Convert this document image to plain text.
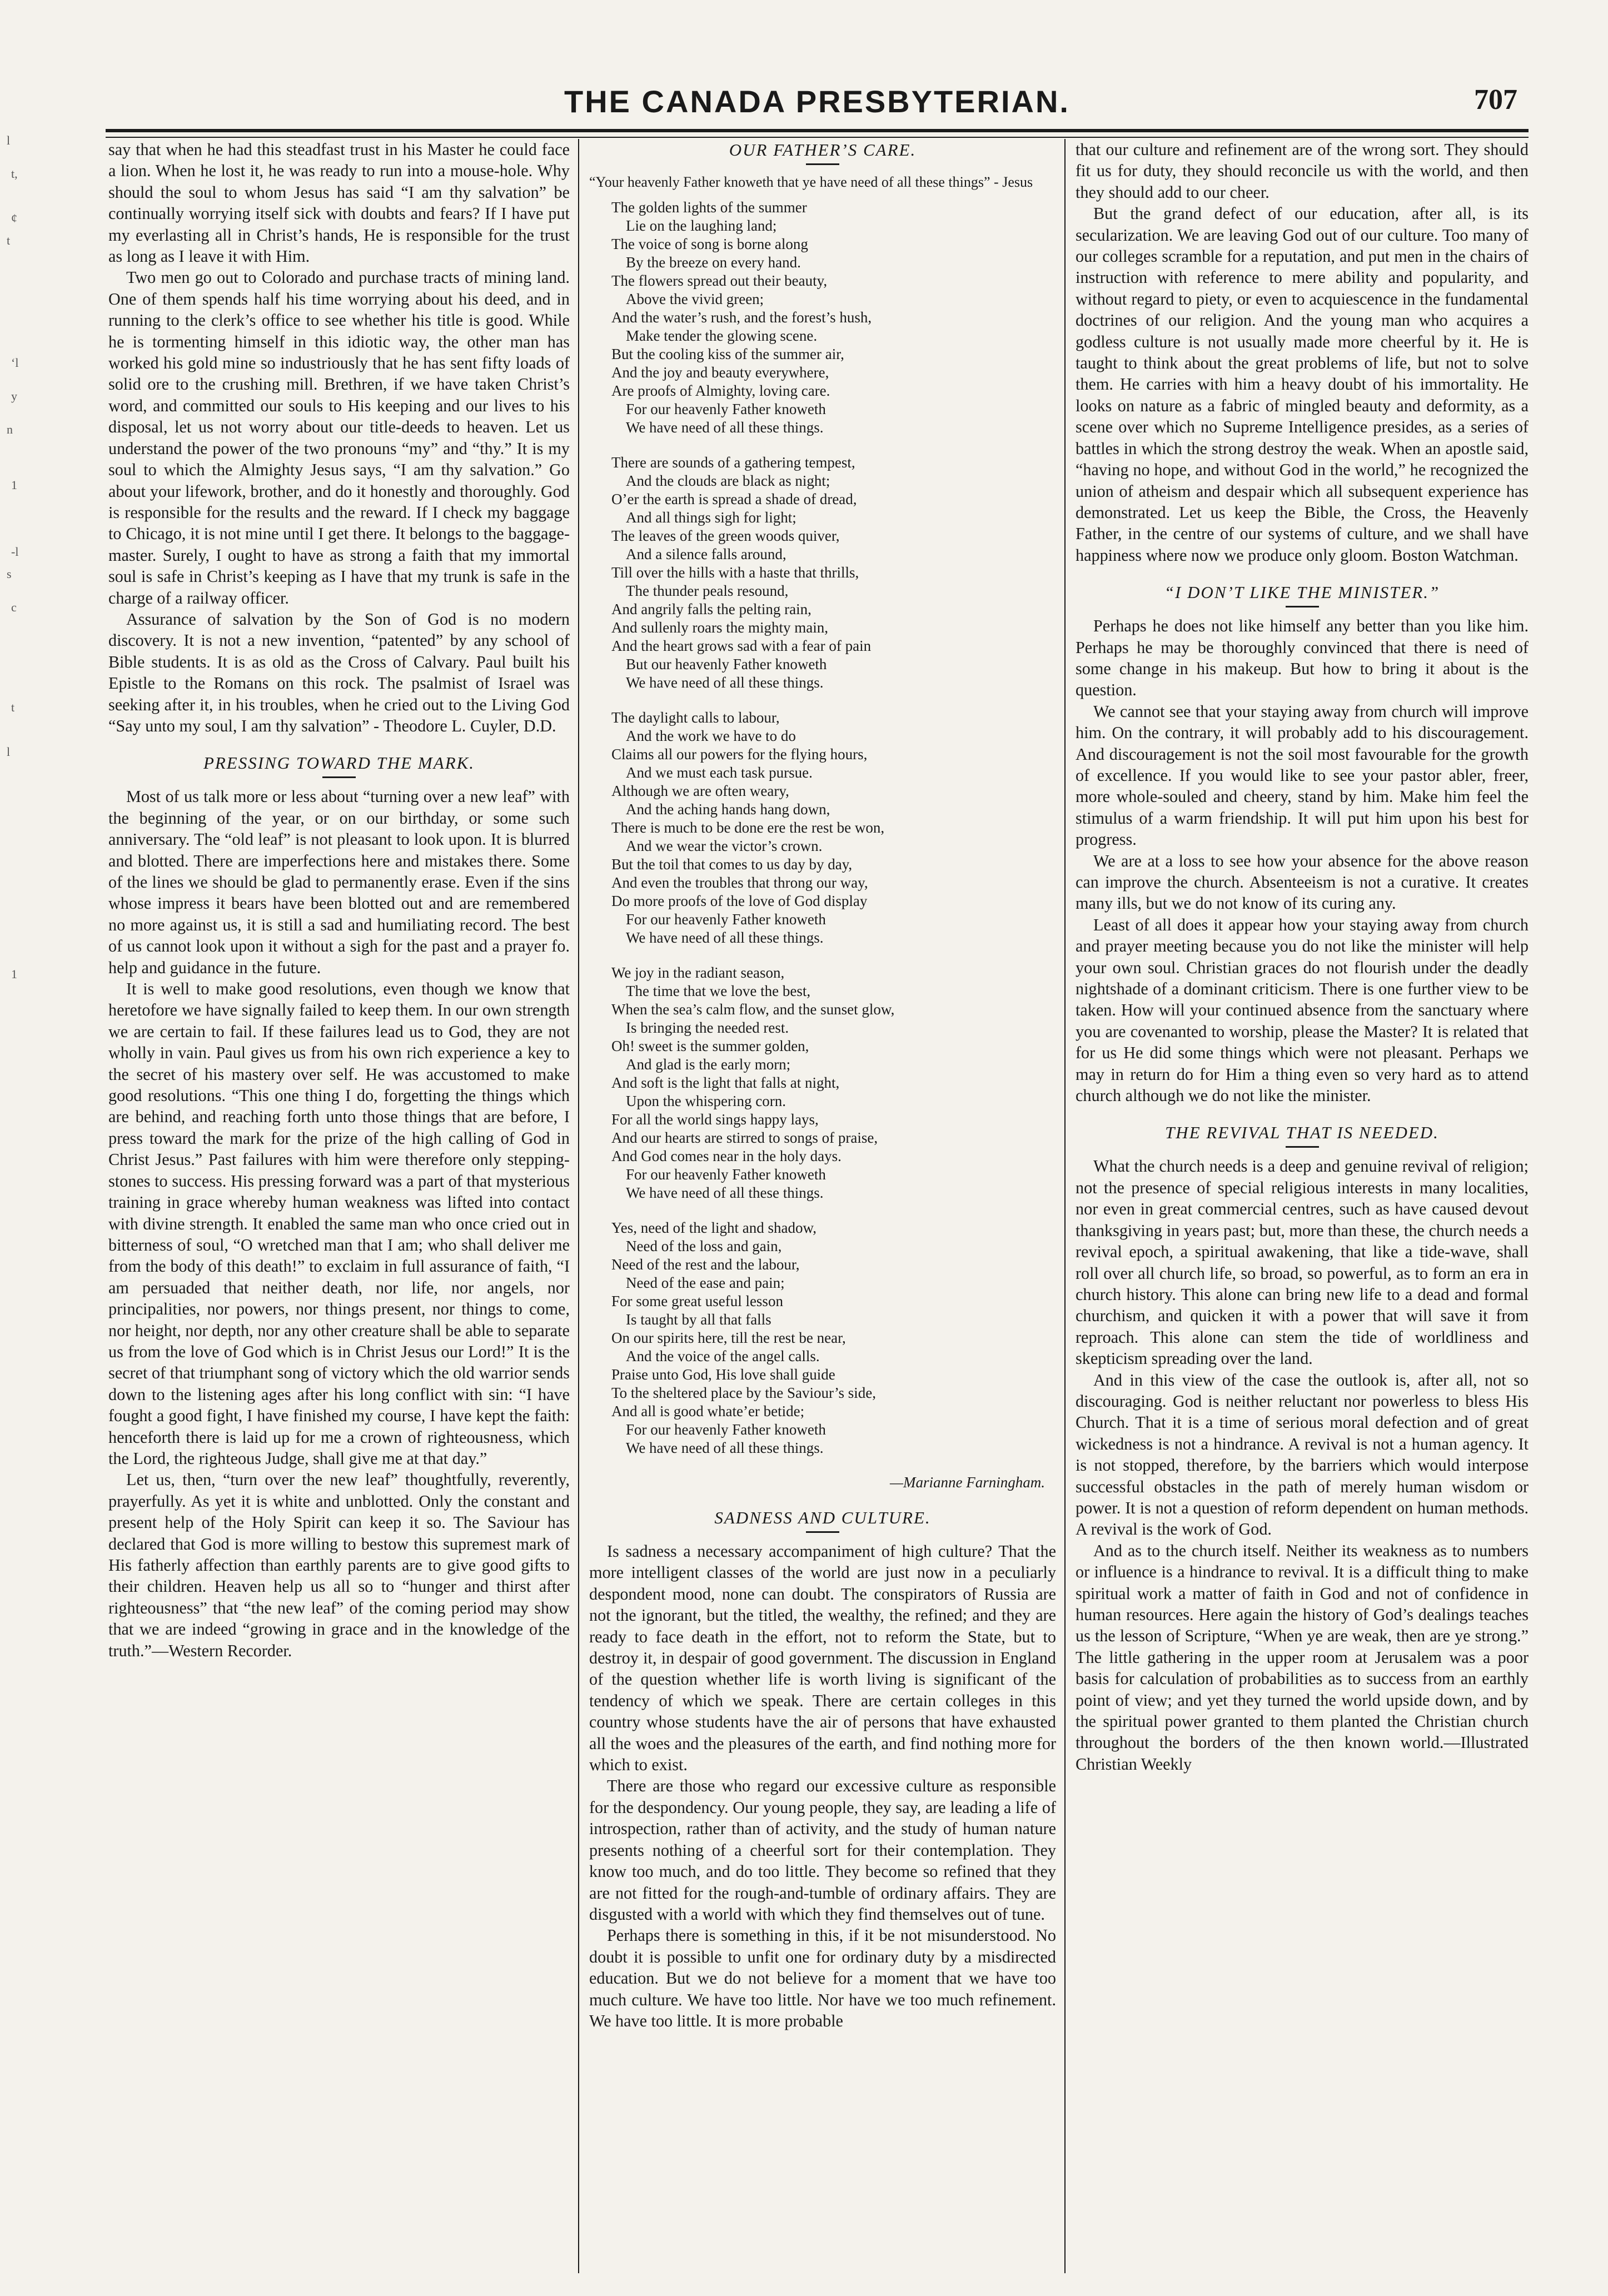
THE CANADA PRESBYTERIAN.	707
l
t,
¢
t
‘l
y
n
1
-l
s
c
t
l
1

say that when he had this steadfast trust in his Master he could face a lion. When he lost it, he was ready to run into a mouse-hole. Why should the soul to whom Jesus has said “I am thy salvation” be continually worrying itself sick with doubts and fears? If I have put my everlasting all in Christ’s hands, He is responsible for the trust as long as I leave it with Him.

Two men go out to Colorado and purchase tracts of mining land. One of them spends half his time worrying about his deed, and in running to the clerk’s office to see whether his title is good. While he is tormenting himself in this idiotic way, the other man has worked his gold mine so industriously that he has sent fifty loads of solid ore to the crushing mill. Brethren, if we have taken Christ’s word, and committed our souls to His keeping and our lives to his disposal, let us not worry about our title-deeds to heaven. Let us understand the power of the two pronouns “my” and “thy.” It is my soul to which the Almighty Jesus says, “I am thy salvation.” Go about your lifework, brother, and do it honestly and thoroughly. God is responsible for the results and the reward. If I check my baggage to Chicago, it is not mine until I get there. It belongs to the baggage-master. Surely, I ought to have as strong a faith that my immortal soul is safe in Christ’s keeping as I have that my trunk is safe in the charge of a railway officer.

Assurance of salvation by the Son of God is no modern discovery. It is not a new invention, “patented” by any school of Bible students. It is as old as the Cross of Calvary. Paul built his Epistle to the Romans on this rock. The psalmist of Israel was seeking after it, in his troubles, when he cried out to the Living God “Say unto my soul, I am thy salvation” - Theodore L. Cuyler, D.D.

PRESSING TOWARD THE MARK.

Most of us talk more or less about “turning over a new leaf” with the beginning of the year, or on our birthday, or some such anniversary. The “old leaf” is not pleasant to look upon. It is blurred and blotted. There are imperfections here and mistakes there. Some of the lines we should be glad to permanently erase. Even if the sins whose impress it bears have been blotted out and are remembered no more against us, it is still a sad and humiliating record. The best of us cannot look upon it without a sigh for the past and a prayer fo. help and guidance in the future.

It is well to make good resolutions, even though we know that heretofore we have signally failed to keep them. In our own strength we are certain to fail. If these failures lead us to God, they are not wholly in vain. Paul gives us from his own rich experience a key to the secret of his mastery over self. He was accustomed to make good resolutions. “This one thing I do, forgetting the things which are behind, and reaching forth unto those things that are before, I press toward the mark for the prize of the high calling of God in Christ Jesus.” Past failures with him were therefore only stepping-stones to success. His pressing forward was a part of that mysterious training in grace whereby human weakness was lifted into contact with divine strength. It enabled the same man who once cried out in bitterness of soul, “O wretched man that I am; who shall deliver me from the body of this death!” to exclaim in full assurance of faith, “I am persuaded that neither death, nor life, nor angels, nor principalities, nor powers, nor things present, nor things to come, nor height, nor depth, nor any other creature shall be able to separate us from the love of God which is in Christ Jesus our Lord!” It is the secret of that triumphant song of victory which the old warrior sends down to the listening ages after his long conflict with sin: “I have fought a good fight, I have finished my course, I have kept the faith: henceforth there is laid up for me a crown of righteousness, which the Lord, the righteous Judge, shall give me at that day.”

Let us, then, “turn over the new leaf” thoughtfully, reverently, prayerfully. As yet it is white and unblotted. Only the constant and present help of the Holy Spirit can keep it so. The Saviour has declared that God is more willing to bestow this supremest mark of His fatherly affection than earthly parents are to give good gifts to their children. Heaven help us all so to “hunger and thirst after righteousness” that “the new leaf” of the coming period may show that we are indeed “growing in grace and in the knowledge of the truth.”—Western Recorder.

OUR FATHER’S CARE.
“Your heavenly Father knoweth that ye have need of all these things” - Jesus
The golden lights of the summer
Lie on the laughing land;
The voice of song is borne along
By the breeze on every hand.
The flowers spread out their beauty,
Above the vivid green;
And the water’s rush, and the forest’s hush,
Make tender the glowing scene.
But the cooling kiss of the summer air,
And the joy and beauty everywhere,
Are proofs of Almighty, loving care.
For our heavenly Father knoweth
We have need of all these things.
There are sounds of a gathering tempest,
And the clouds are black as night;
O’er the earth is spread a shade of dread,
And all things sigh for light;
The leaves of the green woods quiver,
And a silence falls around,
Till over the hills with a haste that thrills,
The thunder peals resound,
And angrily falls the pelting rain,
And sullenly roars the mighty main,
And the heart grows sad with a fear of pain
But our heavenly Father knoweth
We have need of all these things.
The daylight calls to labour,
And the work we have to do
Claims all our powers for the flying hours,
And we must each task pursue.
Although we are often weary,
And the aching hands hang down,
There is much to be done ere the rest be won,
And we wear the victor’s crown.
But the toil that comes to us day by day,
And even the troubles that throng our way,
Do more proofs of the love of God display
For our heavenly Father knoweth
We have need of all these things.
We joy in the radiant season,
The time that we love the best,
When the sea’s calm flow, and the sunset glow,
Is bringing the needed rest.
Oh! sweet is the summer golden,
And glad is the early morn;
And soft is the light that falls at night,
Upon the whispering corn.
For all the world sings happy lays,
And our hearts are stirred to songs of praise,
And God comes near in the holy days.
For our heavenly Father knoweth
We have need of all these things.
Yes, need of the light and shadow,
Need of the loss and gain,
Need of the rest and the labour,
Need of the ease and pain;
For some great useful lesson
Is taught by all that falls
On our spirits here, till the rest be near,
And the voice of the angel calls.
Praise unto God, His love shall guide
To the sheltered place by the Saviour’s side,
And all is good whate’er betide;
For our heavenly Father knoweth
We have need of all these things.
—Marianne Farningham.
SADNESS AND CULTURE.

Is sadness a necessary accompaniment of high culture? That the more intelligent classes of the world are just now in a peculiarly despondent mood, none can doubt. The conspirators of Russia are not the ignorant, but the titled, the wealthy, the refined; and they are ready to face death in the effort, not to reform the State, but to destroy it, in despair of good government. The discussion in England of the question whether life is worth living is significant of the tendency of which we speak. There are certain colleges in this country whose students have the air of persons that have exhausted all the woes and the pleasures of the earth, and find nothing more for which to exist.

There are those who regard our excessive culture as responsible for the despondency. Our young people, they say, are leading a life of introspection, rather than of activity, and the study of human nature presents nothing of a cheerful sort for their contemplation. They know too much, and do too little. They become so refined that they are not fitted for the rough-and-tumble of ordinary affairs. They are disgusted with a world with which they find themselves out of tune.

Perhaps there is something in this, if it be not misunderstood. No doubt it is possible to unfit one for ordinary duty by a misdirected education. But we do not believe for a moment that we have too much culture. We have too little. Nor have we too much refinement. We have too little. It is more probable

that our culture and refinement are of the wrong sort. They should fit us for duty, they should reconcile us with the world, and then they should add to our cheer.

But the grand defect of our education, after all, is its secularization. We are leaving God out of our culture. Too many of our colleges scramble for a reputation, and put men in the chairs of instruction with reference to mere ability and popularity, and without regard to piety, or even to acquiescence in the fundamental doctrines of our religion. And the young man who acquires a godless culture is not usually made more cheerful by it. He is taught to think about the great problems of life, but not to solve them. He carries with him a heavy doubt of his immortality. He looks on nature as a fabric of mingled beauty and deformity, as a scene over which no Supreme Intelligence presides, as a series of battles in which the strong destroy the weak. When an apostle said, “having no hope, and without God in the world,” he recognized the union of atheism and despair which all subsequent experience has demonstrated. Let us keep the Bible, the Cross, the Heavenly Father, in the centre of our systems of culture, and we shall have happiness where now we produce only gloom. Boston Watchman.

“I DON’T LIKE THE MINISTER.”

Perhaps he does not like himself any better than you like him. Perhaps he may be thoroughly convinced that there is need of some change in his makeup. But how to bring it about is the question.

We cannot see that your staying away from church will improve him. On the contrary, it will probably add to his discouragement. And discouragement is not the soil most favourable for the growth of excellence. If you would like to see your pastor abler, freer, more whole-souled and cheery, stand by him. Make him feel the stimulus of a warm friendship. It will put him upon his best for progress.

We are at a loss to see how your absence for the above reason can improve the church. Absenteeism is not a curative. It creates many ills, but we do not know of its curing any.

Least of all does it appear how your staying away from church and prayer meeting because you do not like the minister will help your own soul. Christian graces do not flourish under the deadly nightshade of a dominant criticism. There is one further view to be taken. How will your continued absence from the sanctuary where you are covenanted to worship, please the Master? It is related that for us He did some things which were not pleasant. Perhaps we may in return do for Him a thing even so very hard as to attend church although we do not like the minister.

THE REVIVAL THAT IS NEEDED.

What the church needs is a deep and genuine revival of religion; not the presence of special religious interests in many localities, nor even in great commercial centres, such as have caused devout thanksgiving in years past; but, more than these, the church needs a revival epoch, a spiritual awakening, that like a tide-wave, shall roll over all church life, so broad, so powerful, as to form an era in church history. This alone can bring new life to a dead and formal churchism, and quicken it with a power that will save it from reproach. This alone can stem the tide of worldliness and skepticism spreading over the land.

And in this view of the case the outlook is, after all, not so discouraging. God is neither reluctant nor powerless to bless His Church. That it is a time of serious moral defection and of great wickedness is not a hindrance. A revival is not a human agency. It is not stopped, therefore, by the barriers which would interpose successful obstacles in the path of merely human wisdom or power. It is not a question of reform dependent on human methods. A revival is the work of God.

And as to the church itself. Neither its weakness as to numbers or influence is a hindrance to revival. It is a difficult thing to make spiritual work a matter of faith in God and not of confidence in human resources. Here again the history of God’s dealings teaches us the lesson of Scripture, “When ye are weak, then are ye strong.” The little gathering in the upper room at Jerusalem was a poor basis for calculation of probabilities as to success from an earthly point of view; and yet they turned the world upside down, and by the spiritual power granted to them planted the Christian church throughout the borders of the then known world.—Illustrated Christian Weekly
